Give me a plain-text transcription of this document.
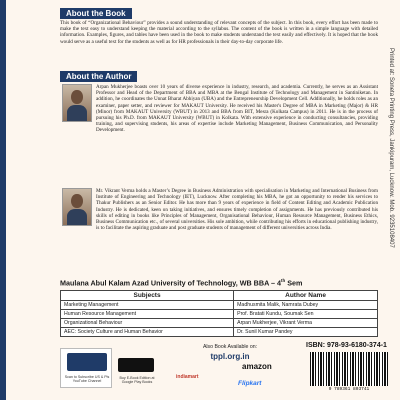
About the Book
This book of “Organizational Behaviour” provides a sound understanding of relevant concepts of the subject. In this book, every effort has been made to make the text easy to understand keeping the material according to the syllabus. The content of the book is written in a simple language with detailed information. Examples, figures, and tables have been used in the book to make students understand the text easily and effectively. It is hoped that the book would serve as a useful text for the students as well as for HR professionals in their day-to-day corporate life.
About the Author
Arpan Mukherjee boasts over 10 years of diverse experience in industry, research, and academia. Currently, he serves as an Assistant Professor and Head of the Department of BBA and MBA at the Bengal Institute of Technology and Management in Santiniketan. In addition, he coordinates the Unnat Bharat Abhiyan (UBA) and the Entrepreneurship Development Cell. Additionally, he holds roles as an examiner, paper setter, and reviewer for MAKAUT University. He received his Master's Degree of MBA in Marketing (Major) & HR (Minor) from MAKAUT University (WBUT) in 2013 and BBA from BIT, Mesra (Kolkata Campus) in 2011. He is in the process of pursuing his Ph.D. from MAKAUT University (WBUT) in Kolkata. With extensive experience in conducting consultancies, providing training, and supervising students, his areas of expertise include Marketing Management, Business Communication, and Personality Development.
Mr. Vikrant Verma holds a Master’s Degree in Business Administration with specialisation in Marketing and International Business from Institute of Engineering and Technology (IET), Lucknow. After completing his MBA, he got an opportunity to render his services to Thakur Publishers as an Senior Editor. He has more than 9 years of experience in field of Content Editing and Academic Publication Industry. He is dedicated, keen on taking initiatives, and ensures timely completion of assignments. He has previously contributed his skills of editing in books like Principles of Management, Organisational Behaviour, Human Resource Management, Business Ethics, Business Communication etc., of several universities. His sole ambition, while contributing his efforts in educational publishing industry, is to facilitate the aspiring graduate and post graduate students of management of different universities across India.	Printed at: Soneta Printing Press, Jankipuram, Lucknow. Mob. 9235108407
Maulana Abul Kalam Azad University of Technology, WB BBA – 4th Sem
Subjects	Author Name
Marketing Management	Madhusmita Malik, Namrata Dubey
Human Resource Management	Prof. Bratati Kundu, Soumak Sen
Organizational Behaviour	Arpan Mukherjee, Vikrant Verma
AEC: Society Culture and Human Behavior	Dr. Sunil Kumar Pandey
Scan to Subscribe US & Pls YouTube Channel
Buy E-Book Edition at Google Play Books
Also Book Available on:
tppl.org.in
amazon
indiamart
Flipkart
ISBN: 978-93-6180-374-1
9 789361 803741
